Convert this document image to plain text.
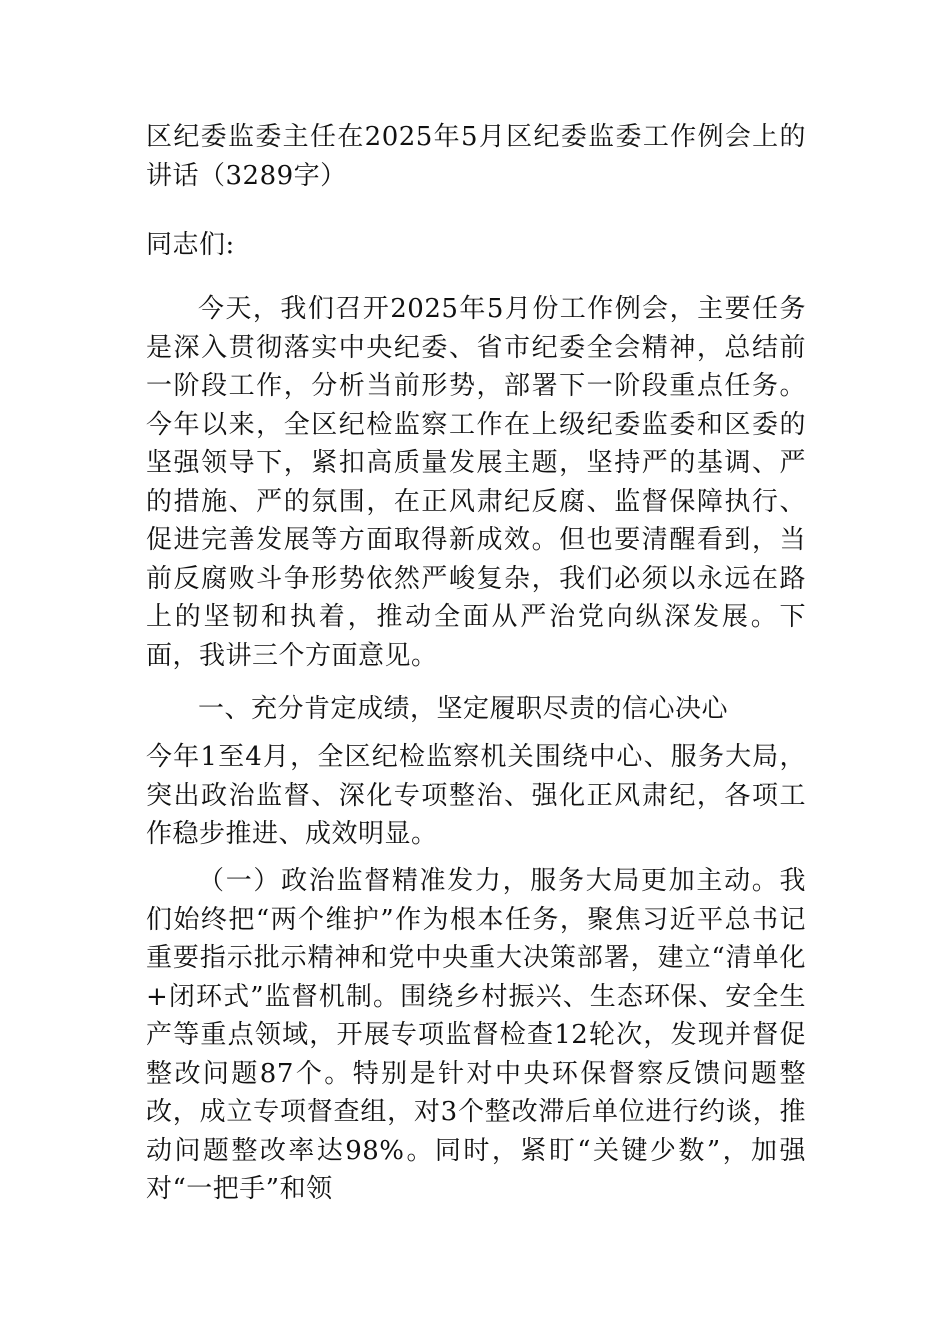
区纪委监委主任在2025年5月区纪委监委工作例会上的讲话（3289字）
同志们:
今天，我们召开2025年5月份工作例会，主要任务是深入贯彻落实中央纪委、省市纪委全会精神，总结前一阶段工作，分析当前形势，部署下一阶段重点任务。今年以来，全区纪检监察工作在上级纪委监委和区委的坚强领导下，紧扣高质量发展主题，坚持严的基调、严的措施、严的氛围，在正风肃纪反腐、监督保障执行、促进完善发展等方面取得新成效。但也要清醒看到，当前反腐败斗争形势依然严峻复杂，我们必须以永远在路上的坚韧和执着，推动全面从严治党向纵深发展。下面，我讲三个方面意见。
一、充分肯定成绩，坚定履职尽责的信心决心
今年1至4月，全区纪检监察机关围绕中心、服务大局，突出政治监督、深化专项整治、强化正风肃纪，各项工作稳步推进、成效明显。
（一）政治监督精准发力，服务大局更加主动。我们始终把“两个维护”作为根本任务，聚焦习近平总书记重要指示批示精神和党中央重大决策部署，建立“清单化+闭环式”监督机制。围绕乡村振兴、生态环保、安全生产等重点领域，开展专项监督检查12轮次，发现并督促整改问题87个。特别是针对中央环保督察反馈问题整改，成立专项督查组，对3个整改滞后单位进行约谈，推动问题整改率达98%。同时，紧盯“关键少数”，加强对“一把手”和领
